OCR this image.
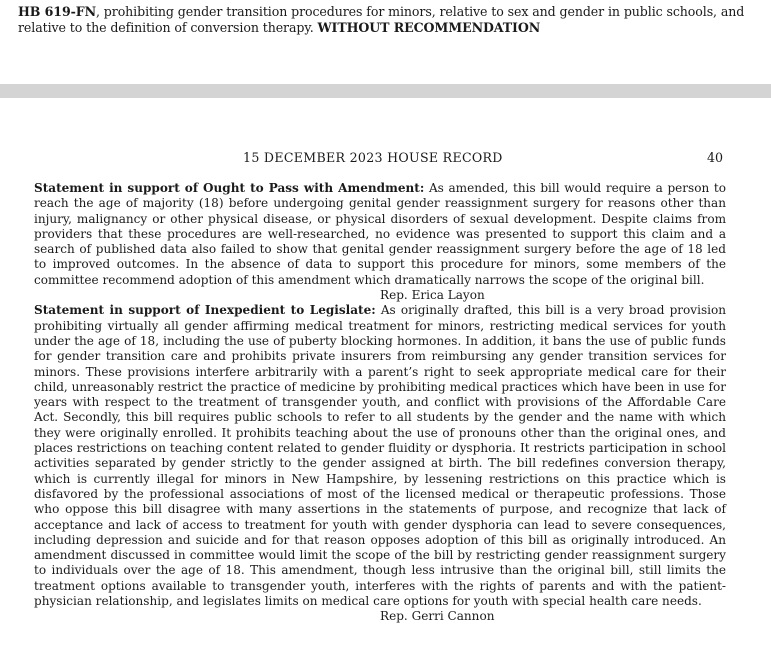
HB 619-FN, prohibiting gender transition procedures for minors, relative to sex and gender in public schools, and relative to the definition of conversion therapy. WITHOUT RECOMMENDATION
15 DECEMBER 2023 HOUSE RECORD	40

Statement in support of Ought to Pass with Amendment: As amended, this bill would require a person to reach the age of majority (18) before undergoing genital gender reassignment surgery for reasons other than injury, malignancy or other physical disease, or physical disorders of sexual development. Despite claims from providers that these procedures are well-researched, no evidence was presented to support this claim and a search of published data also failed to show that genital gender reassignment surgery before the age of 18 led to improved outcomes. In the absence of data to support this procedure for minors, some members of the committee recommend adoption of this amendment which dramatically narrows the scope of the original bill.

Rep. Erica Layon

Statement in support of Inexpedient to Legislate: As originally drafted, this bill is a very broad provision prohibiting virtually all gender affirming medical treatment for minors, restricting medical services for youth under the age of 18, including the use of puberty blocking hormones. In addition, it bans the use of public funds for gender transition care and prohibits private insurers from reimbursing any gender transition services for minors. These provisions interfere arbitrarily with a parent’s right to seek appropriate medical care for their child, unreasonably restrict the practice of medicine by prohibiting medical practices which have been in use for years with respect to the treatment of transgender youth, and conflict with provisions of the Affordable Care Act. Secondly, this bill requires public schools to refer to all students by the gender and the name with which they were originally enrolled. It prohibits teaching about the use of pronouns other than the original ones, and places restrictions on teaching content related to gender fluidity or dysphoria. It restricts participation in school activities separated by gender strictly to the gender assigned at birth. The bill redefines conversion therapy, which is currently illegal for minors in New Hampshire, by lessening restrictions on this practice which is disfavored by the professional associations of most of the licensed medical or therapeutic professions. Those who oppose this bill disagree with many assertions in the statements of purpose, and recognize that lack of acceptance and lack of access to treatment for youth with gender dysphoria can lead to severe consequences, including depression and suicide and for that reason opposes adoption of this bill as originally introduced. An amendment discussed in committee would limit the scope of the bill by restricting gender reassignment surgery to individuals over the age of 18. This amendment, though less intrusive than the original bill, still limits the treatment options available to transgender youth, interferes with the rights of parents and with the patient-physician relationship, and legislates limits on medical care options for youth with special health care needs.

Rep. Gerri Cannon
